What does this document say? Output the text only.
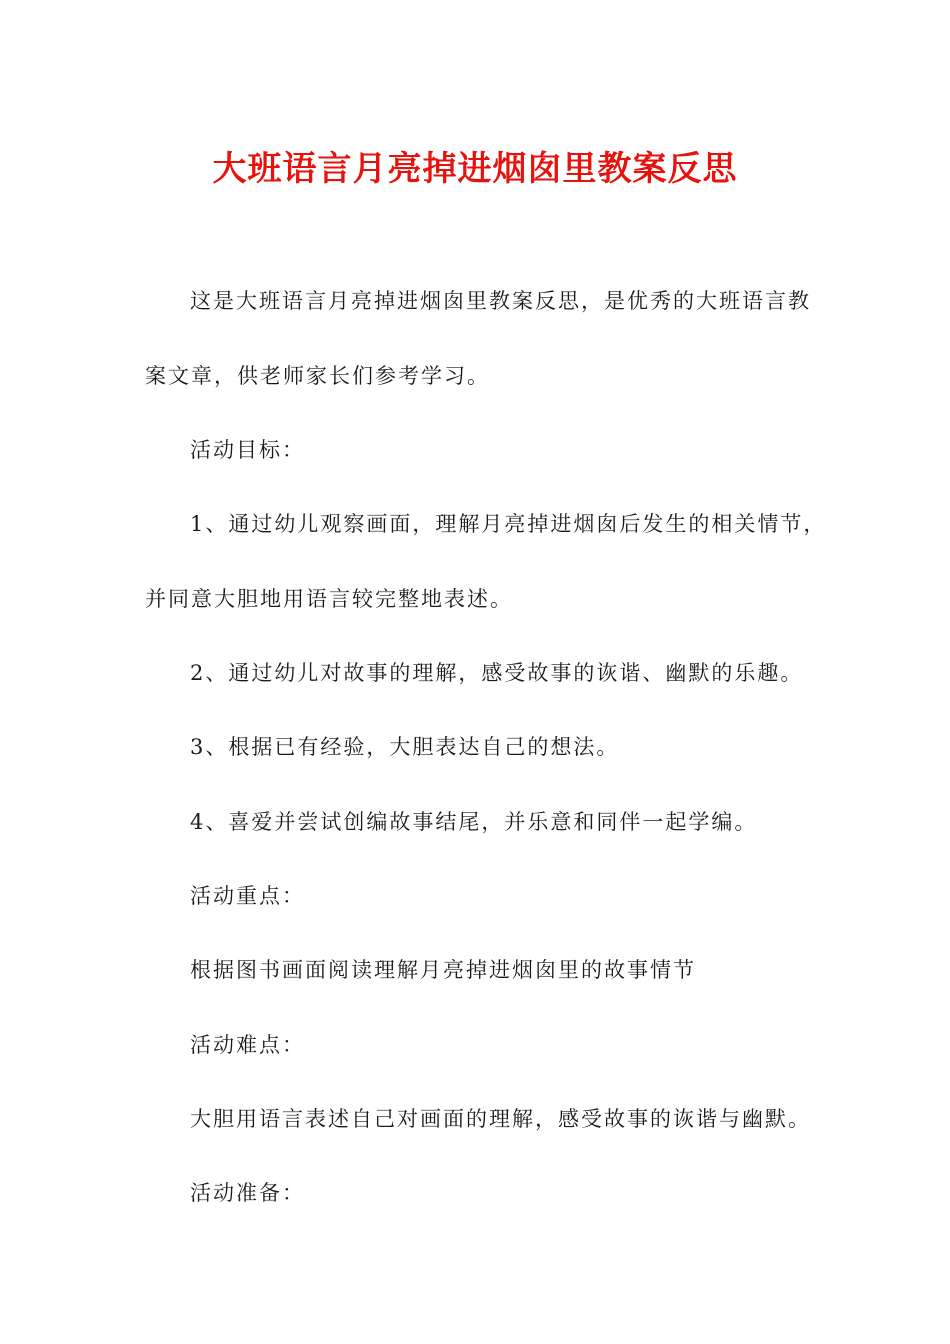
大班语言月亮掉进烟囱里教案反思

这是大班语言月亮掉进烟囱里教案反思，是优秀的大班语言教

案文章，供老师家长们参考学习。

活动目标：

1、通过幼儿观察画面，理解月亮掉进烟囱后发生的相关情节，

并同意大胆地用语言较完整地表述。

2、通过幼儿对故事的理解，感受故事的诙谐、幽默的乐趣。

3、根据已有经验，大胆表达自己的想法。

4、喜爱并尝试创编故事结尾，并乐意和同伴一起学编。

活动重点：

根据图书画面阅读理解月亮掉进烟囱里的故事情节

活动难点：

大胆用语言表述自己对画面的理解，感受故事的诙谐与幽默。

活动准备：
